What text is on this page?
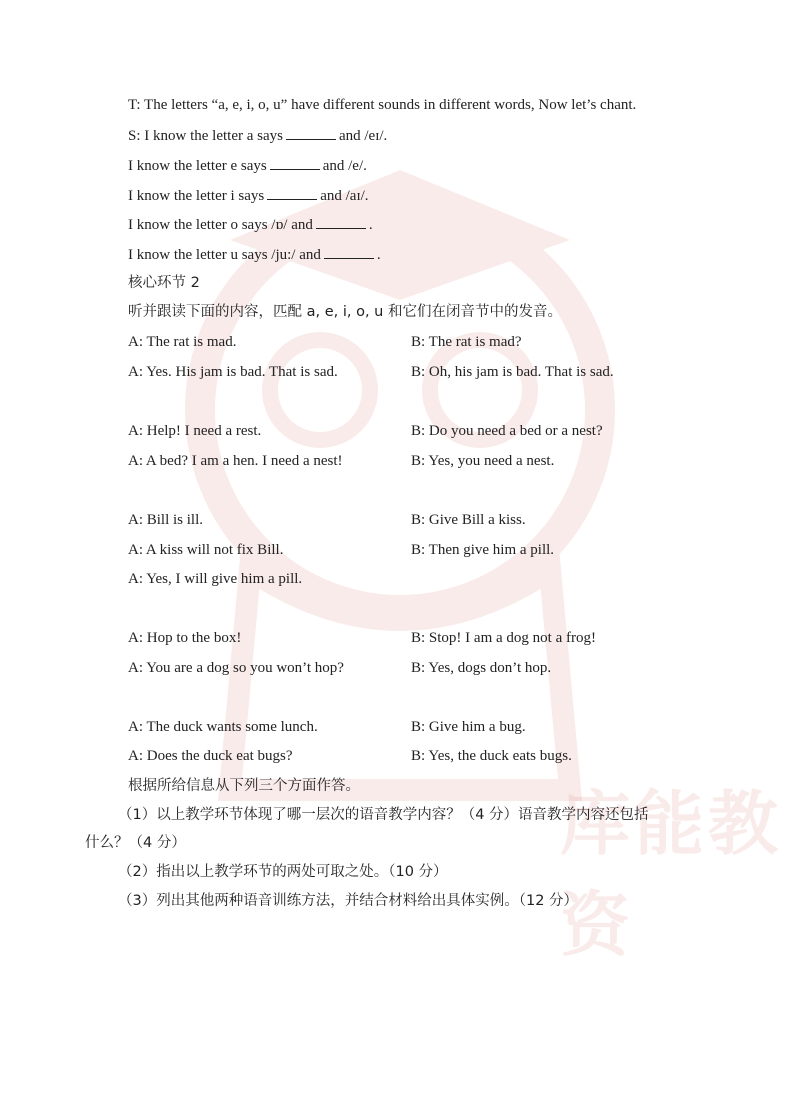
库能教资
T: The letters “a, e, i, o, u” have different sounds in different words, Now let’s chant.
S: I know the letter a says	and /eɪ/.
I know the letter e says	and /e/.
I know the letter i says	and /aɪ/.
I know the letter o says /ɒ/ and	.
I know the letter u says /ju:/ and	.
核心环节 2
听并跟读下面的内容，匹配 a, e, i, o, u 和它们在闭音节中的发音。
A: The rat is mad.	B: The rat is mad?
A: Yes. His jam is bad. That is sad.	B: Oh, his jam is bad. That is sad.
A: Help! I need a rest.	B: Do you need a bed or a nest?
A: A bed? I am a hen. I need a nest!	B: Yes, you need a nest.
A: Bill is ill.	B: Give Bill a kiss.
A: A kiss will not fix Bill.	B: Then give him a pill.
A: Yes, I will give him a pill.
A: Hop to the box!	B: Stop! I am a dog not a frog!
A: You are a dog so you won’t hop?	B: Yes, dogs don’t hop.
A: The duck wants some lunch.	B: Give him a bug.
A: Does the duck eat bugs?	B: Yes, the duck eats bugs.
根据所给信息从下列三个方面作答。
（1）以上教学环节体现了哪一层次的语音教学内容？（4 分）语音教学内容还包括
什么？（4 分）
（2）指出以上教学环节的两处可取之处。（10 分）
（3）列出其他两种语音训练方法，并结合材料给出具体实例。（12 分）
